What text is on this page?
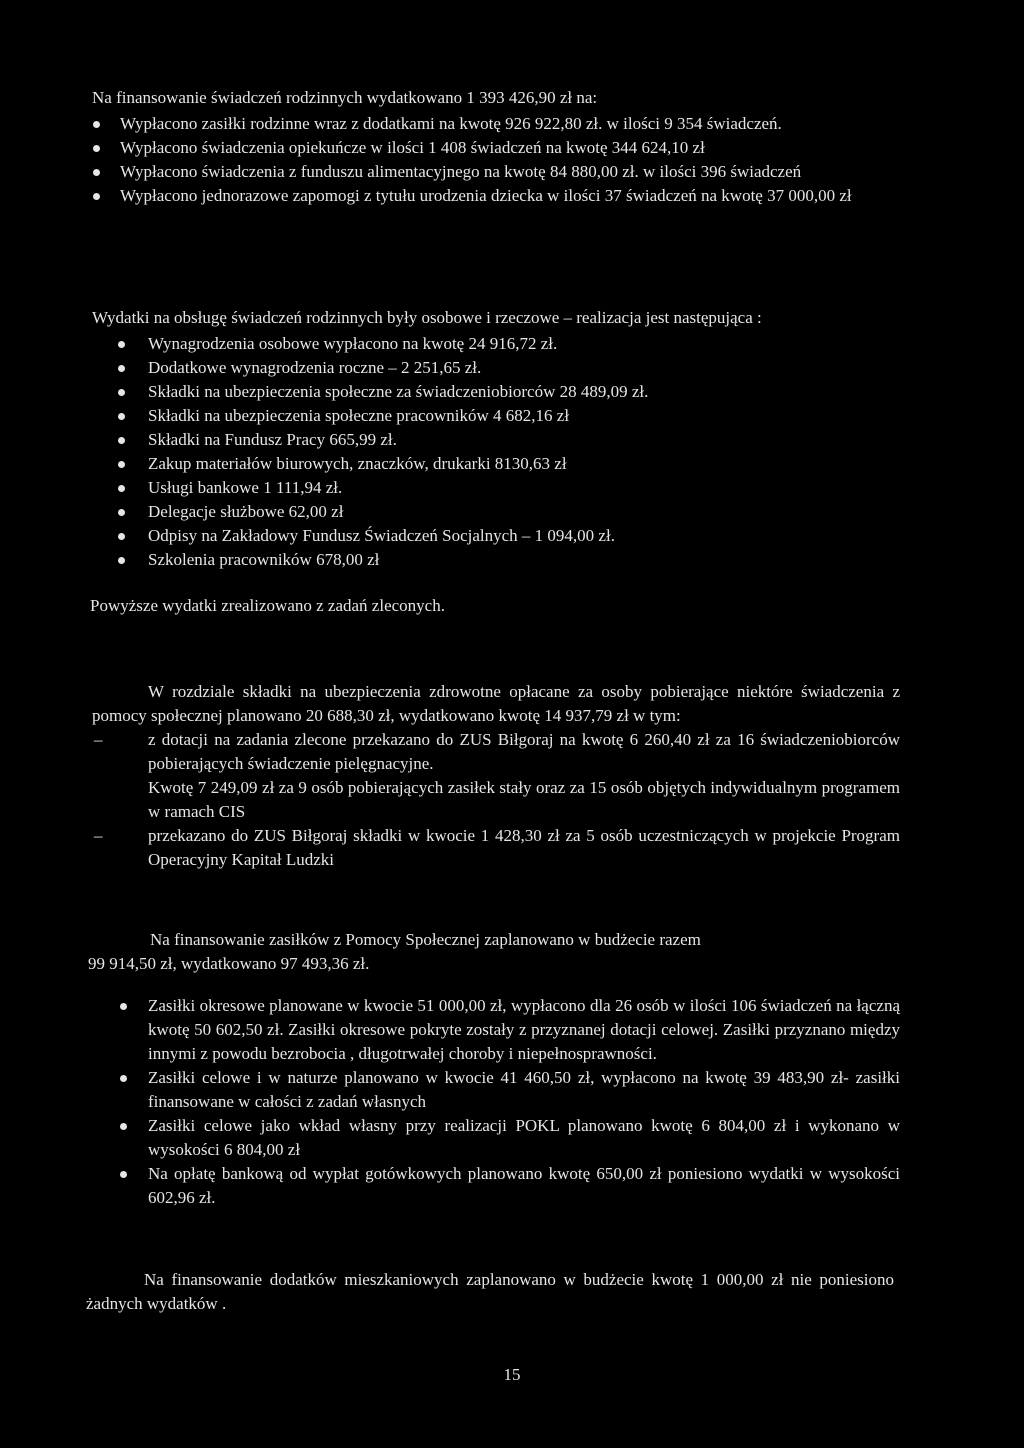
Na finansowanie świadczeń rodzinnych wydatkowano 1 393 426,90 zł na:

Wypłacono zasiłki rodzinne wraz z dodatkami na kwotę 926 922,80 zł. w ilości 9 354 świadczeń.
Wypłacono świadczenia opiekuńcze w ilości 1 408 świadczeń na kwotę 344 624,10 zł
Wypłacono świadczenia z funduszu alimentacyjnego na kwotę 84 880,00 zł. w ilości 396 świadczeń
Wypłacono jednorazowe zapomogi z tytułu urodzenia dziecka w ilości 37 świadczeń na kwotę 37 000,00 zł

Wydatki na obsługę świadczeń rodzinnych były osobowe i rzeczowe – realizacja jest następująca :

Wynagrodzenia osobowe wypłacono na kwotę 24 916,72 zł.
Dodatkowe wynagrodzenia roczne – 2 251,65 zł.
Składki na ubezpieczenia społeczne za świadczeniobiorców 28 489,09 zł.
Składki na ubezpieczenia społeczne pracowników 4 682,16 zł
Składki na Fundusz Pracy 665,99 zł.
Zakup materiałów biurowych, znaczków, drukarki 8130,63 zł
Usługi bankowe 1 111,94 zł.
Delegacje służbowe 62,00 zł
Odpisy na Zakładowy Fundusz Świadczeń Socjalnych – 1 094,00 zł.
Szkolenia pracowników 678,00 zł

Powyższe wydatki zrealizowano z zadań zleconych.

W rozdziale składki na ubezpieczenia zdrowotne opłacane za osoby pobierające niektóre świadczenia z pomocy społecznej planowano 20 688,30 zł, wydatkowano kwotę 14 937,79 zł w tym:

–	z dotacji na zadania zlecone przekazano do ZUS Biłgoraj na kwotę 6 260,40 zł za 16 świadczeniobiorców pobierających świadczenie pielęgnacyjne.

Kwotę 7 249,09 zł za 9 osób pobierających zasiłek stały oraz za 15 osób objętych indywidualnym programem w ramach CIS

–	przekazano do ZUS Biłgoraj składki w kwocie 1 428,30 zł za 5 osób uczestniczących w projekcie Program Operacyjny Kapitał Ludzki

Na finansowanie zasiłków z Pomocy Społecznej zaplanowano w budżecie razem

99 914,50 zł, wydatkowano 97 493,36 zł.

Zasiłki okresowe planowane w kwocie 51 000,00 zł, wypłacono dla 26 osób w ilości 106 świadczeń na łączną kwotę 50 602,50 zł. Zasiłki okresowe pokryte zostały z przyznanej dotacji celowej. Zasiłki przyznano między innymi z powodu bezrobocia , długotrwałej choroby i niepełnosprawności.
Zasiłki celowe i w naturze planowano w kwocie 41 460,50 zł, wypłacono na kwotę 39 483,90 zł- zasiłki finansowane w całości z zadań własnych
Zasiłki celowe jako wkład własny przy realizacji POKL planowano kwotę 6 804,00 zł i wykonano w wysokości 6 804,00 zł
Na opłatę bankową od wypłat gotówkowych planowano kwotę 650,00 zł poniesiono wydatki w wysokości 602,96 zł.

Na finansowanie dodatków mieszkaniowych zaplanowano w budżecie kwotę 1 000,00 zł nie poniesiono żadnych wydatków .

15
